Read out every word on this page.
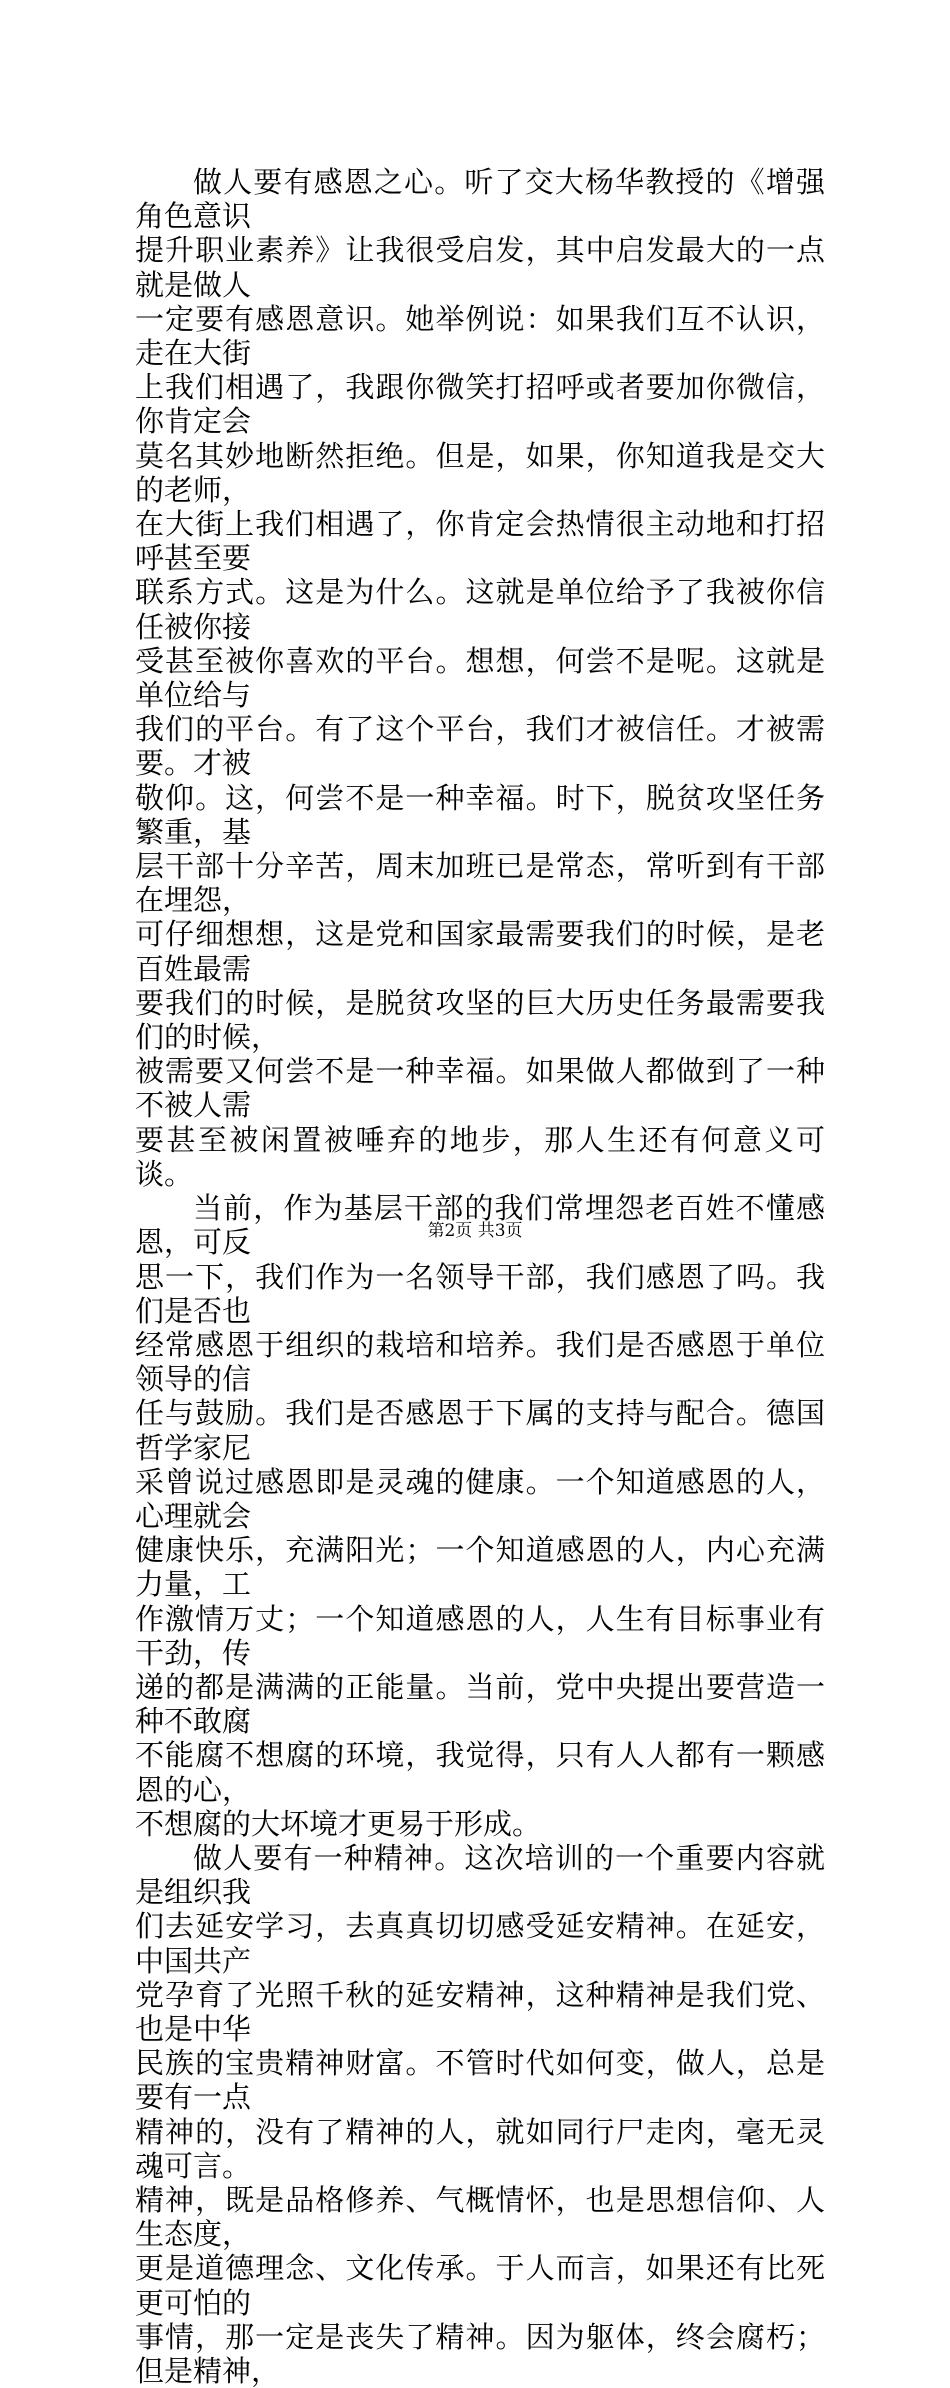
做人要有感恩之心。听了交大杨华教授的《增强角色意识
提升职业素养》让我很受启发，其中启发最大的一点就是做人
一定要有感恩意识。她举例说：如果我们互不认识，走在大街
上我们相遇了，我跟你微笑打招呼或者要加你微信，你肯定会
莫名其妙地断然拒绝。但是，如果，你知道我是交大的老师，
在大街上我们相遇了，你肯定会热情很主动地和打招呼甚至要
联系方式。这是为什么。这就是单位给予了我被你信任被你接
受甚至被你喜欢的平台。想想，何尝不是呢。这就是单位给与
我们的平台。有了这个平台，我们才被信任。才被需要。才被
敬仰。这，何尝不是一种幸福。时下，脱贫攻坚任务繁重，基
层干部十分辛苦，周末加班已是常态，常听到有干部在埋怨，
可仔细想想，这是党和国家最需要我们的时候，是老百姓最需
要我们的时候，是脱贫攻坚的巨大历史任务最需要我们的时候，
被需要又何尝不是一种幸福。如果做人都做到了一种不被人需
要甚至被闲置被唾弃的地步，那人生还有何意义可谈。

当前，作为基层干部的我们常埋怨老百姓不懂感恩，可反
思一下，我们作为一名领导干部，我们感恩了吗。我们是否也
经常感恩于组织的栽培和培养。我们是否感恩于单位领导的信
任与鼓励。我们是否感恩于下属的支持与配合。德国哲学家尼
采曾说过感恩即是灵魂的健康。一个知道感恩的人，心理就会
健康快乐，充满阳光；一个知道感恩的人，内心充满力量，工
作激情万丈；一个知道感恩的人，人生有目标事业有干劲，传
递的都是满满的正能量。当前，党中央提出要营造一种不敢腐
不能腐不想腐的环境，我觉得，只有人人都有一颗感恩的心，
不想腐的大坏境才更易于形成。

做人要有一种精神。这次培训的一个重要内容就是组织我
们去延安学习，去真真切切感受延安精神。在延安，中国共产
党孕育了光照千秋的延安精神，这种精神是我们党、也是中华
民族的宝贵精神财富。不管时代如何变，做人，总是要有一点
精神的，没有了精神的人，就如同行尸走肉，毫无灵魂可言。
精神，既是品格修养、气概情怀，也是思想信仰、人生态度，
更是道德理念、文化传承。于人而言，如果还有比死更可怕的
事情，那一定是丧失了精神。因为躯体，终会腐朽；但是精神，

第2页 共3页
